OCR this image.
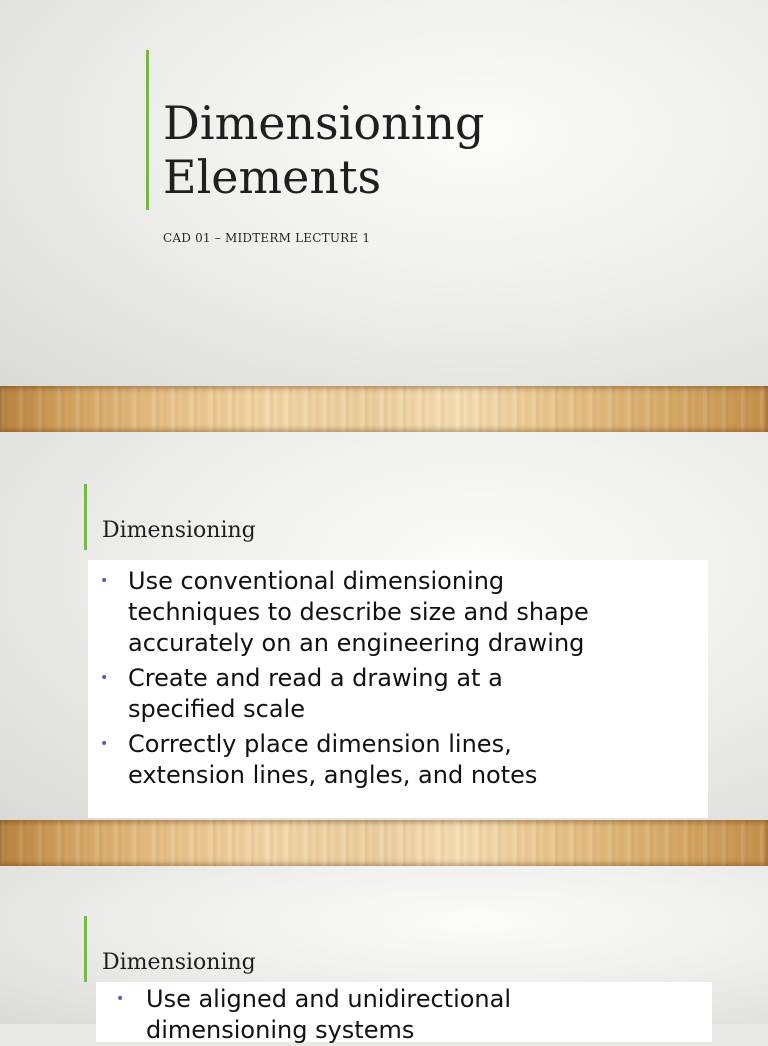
Dimensioning
Elements

CAD 01 – MIDTERM LECTURE 1

Dimensioning
• Use conventional dimensioning
techniques to describe size and shape
accurately on an engineering drawing
• Create and read a drawing at a
specified scale
• Correctly place dimension lines,
extension lines, angles, and notes
Dimensioning
• Use aligned and unidirectional
dimensioning systems
